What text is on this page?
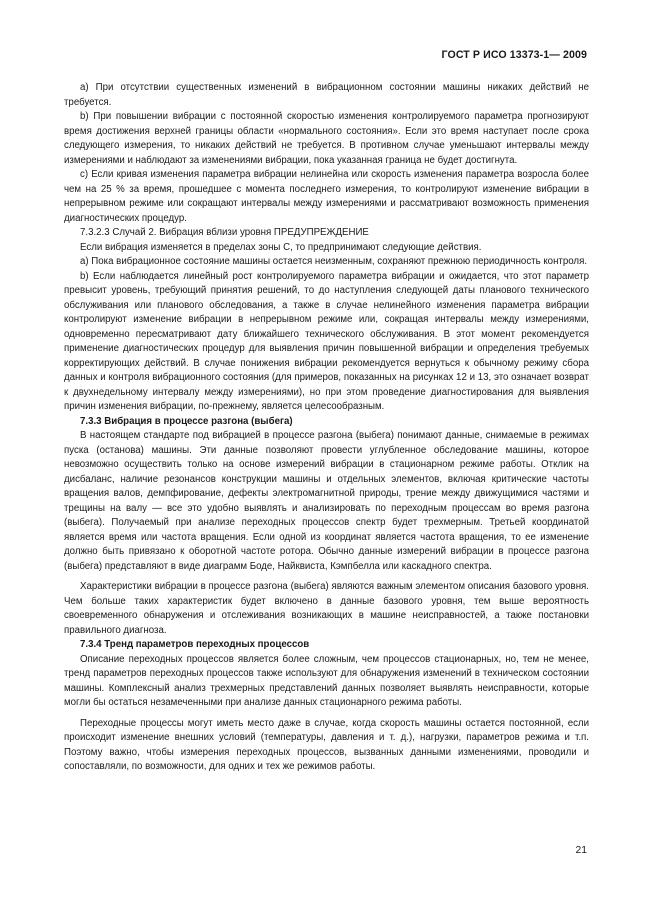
ГОСТ Р ИСО 13373-1— 2009

a) При отсутствии существенных изменений в вибрационном состоянии машины никаких действий не требуется.

b) При повышении вибрации с постоянной скоростью изменения контролируемого параметра прогнозируют время достижения верхней границы области «нормального состояния». Если это время наступает после срока следующего измерения, то никаких действий не требуется. В противном случае уменьшают интервалы между измерениями и наблюдают за изменениями вибрации, пока указанная граница не будет достигнута.

c) Если кривая изменения параметра вибрации нелинейна или скорость изменения параметра возросла более чем на 25 % за время, прошедшее с момента последнего измерения, то контролируют изменение вибрации в непрерывном режиме или сокращают интервалы между измерениями и рассматривают возможность применения диагностических процедур.

7.3.2.3 Случай 2. Вибрация вблизи уровня ПРЕДУПРЕЖДЕНИЕ

Если вибрация изменяется в пределах зоны C, то предпринимают следующие действия.

a) Пока вибрационное состояние машины остается неизменным, сохраняют прежнюю периодичность контроля.

b) Если наблюдается линейный рост контролируемого параметра вибрации и ожидается, что этот параметр превысит уровень, требующий принятия решений, то до наступления следующей даты планового технического обслуживания или планового обследования, а также в случае нелинейного изменения параметра вибрации контролируют изменение вибрации в непрерывном режиме или, сокращая интервалы между измерениями, одновременно пересматривают дату ближайшего технического обслуживания. В этот момент рекомендуется применение диагностических процедур для выявления причин повышенной вибрации и определения требуемых корректирующих действий. В случае понижения вибрации рекомендуется вернуться к обычному режиму сбора данных и контроля вибрационного состояния (для примеров, показанных на рисунках 12 и 13, это означает возврат к двухнедельному интервалу между измерениями), но при этом проведение диагностирования для выявления причин изменения вибрации, по-прежнему, является целесообразным.

7.3.3 Вибрация в процессе разгона (выбега)

В настоящем стандарте под вибрацией в процессе разгона (выбега) понимают данные, снимаемые в режимах пуска (останова) машины. Эти данные позволяют провести углубленное обследование машины, которое невозможно осуществить только на основе измерений вибрации в стационарном режиме работы. Отклик на дисбаланс, наличие резонансов конструкции машины и отдельных элементов, включая критические частоты вращения валов, демпфирование, дефекты электромагнитной природы, трение между движущимися частями и трещины на валу — все это удобно выявлять и анализировать по переходным процессам во время разгона (выбега). Получаемый при анализе переходных процессов спектр будет трехмерным. Третьей координатой является время или частота вращения. Если одной из координат является частота вращения, то ее изменение должно быть привязано к оборотной частоте ротора. Обычно данные измерений вибрации в процессе разгона (выбега) представляют в виде диаграмм Боде, Найквиста, Кэмпбелла или каскадного спектра.

Характеристики вибрации в процессе разгона (выбега) являются важным элементом описания базового уровня. Чем больше таких характеристик будет включено в данные базового уровня, тем выше вероятность своевременного обнаружения и отслеживания возникающих в машине неисправностей, а также постановки правильного диагноза.

7.3.4 Тренд параметров переходных процессов

Описание переходных процессов является более сложным, чем процессов стационарных, но, тем не менее, тренд параметров переходных процессов также используют для обнаружения изменений в техническом состоянии машины. Комплексный анализ трехмерных представлений данных позволяет выявлять неисправности, которые могли бы остаться незамеченными при анализе данных стационарного режима работы.

Переходные процессы могут иметь место даже в случае, когда скорость машины остается постоянной, если происходит изменение внешних условий (температуры, давления и т. д.), нагрузки, параметров режима и т.п. Поэтому важно, чтобы измерения переходных процессов, вызванных данными изменениями, проводили и сопоставляли, по возможности, для одних и тех же режимов работы.

21
